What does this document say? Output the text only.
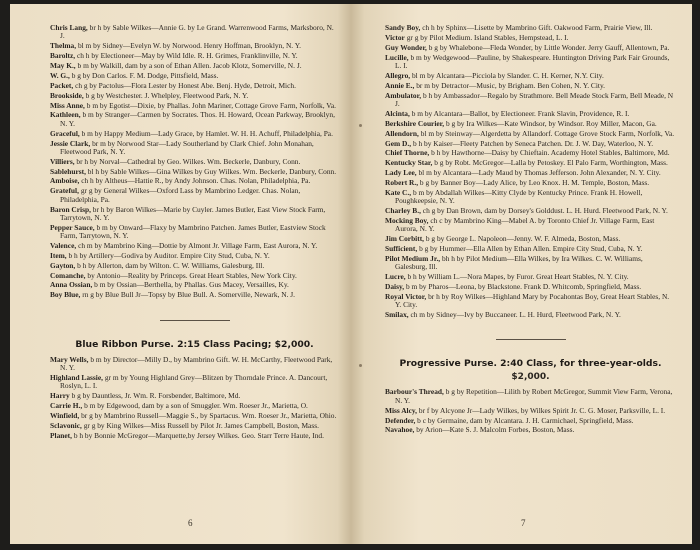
Chris Lang, br h by Sable Wilkes—Annie G. by Le Grand. Warrenwood Farms, Marksboro, N. J.
Thelma, bl m by Sidney—Evelyn W. by Norwood. Henry Hoffman, Brooklyn, N. Y.
Baroltz, ch h by Electioneer—May by Wild Idle. R. H. Grimes, Franklinville, N. Y.
May K., b m by Walkill, dam by a son of Ethan Allen. Jacob Klotz, Somerville, N. J.
W. G., b g by Don Carlos. F. M. Dodge, Pittsfield, Mass.
Packet, ch g by Pactolus—Flora Lester by Honest Abe. Benj. Hyde, Detroit, Mich.
Brookside, b g by Westchester. J. Whelpley, Fleetwood Park, N. Y.
Miss Anne, b m by Egotist—Dixie, by Phallas. John Mariner, Cottage Grove Farm, Norfolk, Va.
Kathleen, b m by Stranger—Carmen by Socrates. Thos. H. Howard, Ocean Parkway, Brooklyn, N. Y.
Graceful, b m by Happy Medium—Lady Grace, by Hamlet. W. H. H. Achuff, Philadelphia, Pa.
Jessie Clark, br m by Norwood Star—Lady Southerland by Clark Chief. John Monahan, Fleetwood Park, N. Y.
Villiers, br h by Norval—Cathedral by Geo. Wilkes. Wm. Beckerle, Danbury, Conn.
Sablehurst, bl h by Sable Wilkes—Gina Wilkes by Guy Wilkes. Wm. Beckerle, Danbury, Conn.
Amboise, ch h by Altheus—Hattie R., by Andy Johnson. Chas. Nolan, Philadelphia, Pa.
Grateful, gr g by General Wilkes—Oxford Lass by Mambrino Ledger. Chas. Nolan, Philadelphia, Pa.
Baron Crisp, br h by Baron Wilkes—Marie by Cuyler. James Butler, East View Stock Farm, Tarrytown, N. Y.
Pepper Sauce, b m by Onward—Flaxy by Mambrino Patchen. James Butler, Eastview Stock Farm, Tarrytown, N. Y.
Valence, ch m by Mambrino King—Dottie by Almont Jr. Village Farm, East Aurora, N. Y.
Item, b h by Artillery—Godiva by Auditor. Empire City Stud, Cuba, N. Y.
Gayton, b h by Allerton, dam by Wilton. C. W. Williams, Galesburg, Ill.
Comanche, by Antonio—Reality by Princeps. Great Heart Stables, New York City.
Anna Ossian, b m by Ossian—Berthella, by Phallas. Gus Macey, Versailles, Ky.
Boy Blue, rn g by Blue Bull Jr—Topsy by Blue Bull. A. Somerville, Newark, N. J.
Blue Ribbon Purse. 2:15 Class Pacing; $2,000.
Mary Wells, b m by Director—Milly D., by Mambrino Gift. W. H. McCarthy, Fleetwood Park, N. Y.
Highland Lassie, gr m by Young Highland Grey—Blitzen by Thorndale Prince. A. Dancourt, Roslyn, L. I.
Harry b g by Dauntless, Jr. Wm. R. Forsbender, Baltimore, Md.
Carrie H., b m by Edgewood, dam by a son of Smuggler. Wm. Roeser Jr., Marietta, O.
Winfield, br g by Mambrino Russell—Maggie S., by Spartacus. Wm. Roeser Jr., Marietta, Ohio.
Sclavonic, gr g by King Wilkes—Miss Russell by Pilot Jr. James Campbell, Boston, Mass.
Planet, b h by Bonnie McGregor—Marquette,by Jersey Wilkes. Geo. Starr Terre Haute, Ind.
6
Sandy Boy, ch h by Sphinx—Lisette by Mambrino Gift. Oakwood Farm, Prairie View, Ill.
Victor gr g by Pilot Medium. Island Stables, Hempstead, L. I.
Guy Wonder, b g by Whalebone—Fleda Wonder, by Little Wonder. Jerry Gauff, Allentown, Pa.
Lucille, b m by Wedgewood—Pauline, by Shakespeare. Huntington Driving Park Fair Grounds, L. I.
Allegro, bl m by Alcantara—Picciola by Slander. C. H. Kerner, N.Y. City.
Annie E., br m by Detractor—Music, by Brigham. Ben Cohen, N. Y. City.
Ambulator, b h by Ambassador—Regalo by Strathmore. Bell Meade Stock Farm, Bell Meade, N J.
Alcinta, b m by Alcantara—Ballot, by Electioneer. Frank Slavin, Providence, R. I.
Berkshire Courier, b g by Ira Wilkes—Kate Windsor, by Windsor. Roy Miller, Macon, Ga.
Allendorn, bl m by Steinway—Algerdetta by Allandorf. Cottage Grove Stock Farm, Norfolk, Va.
Gem D., b h by Kaiser—Fleety Patchen by Seneca Patchen. Dr. J. W. Day, Waterloo, N. Y.
Chief Thorne, b h by Hawthorne—Daisy by Chieftain. Academy Hotel Stables, Baltimore, Md.
Kentucky Star, b g by Robt. McGregor—Lalla by Petoskey. El Palo Farm, Worthington, Mass.
Lady Lee, bl m by Alcantara—Lady Maud by Thomas Jefferson. John Alexander, N. Y. City.
Robert R., b g by Banner Boy—Lady Alice, by Leo Knox. H. M. Temple, Boston, Mass.
Kate C., b m by Abdallah Wilkes—Kitty Clyde by Kentucky Prince. Frank H. Howell, Poughkeepsie, N. Y.
Charley B., ch g by Dan Brown, dam by Dorsey's Golddust. L. H. Hurd. Fleetwood Park, N. Y.
Mocking Boy, ch c by Mambrino King—Mabel A. by Toronto Chief Jr. Village Farm, East Aurora, N. Y.
Jim Corbitt, b g by George L. Napoleon—Jenny. W. F. Almeda, Boston, Mass.
Sufficient, b g by Hummer—Ella Allen by Ethan Allen. Empire City Stud, Cuba, N. Y.
Pilot Medium Jr., bh h by Pilot Medium—Ella Wilkes, by Ira Wilkes. C. W. Williams, Galesburg, Ill.
Lucre, b h by William L.—Nora Mapes, by Furor. Great Heart Stables, N. Y. City.
Daisy, b m by Pharos—Leona, by Blackstone. Frank D. Whitcomb, Springfield, Mass.
Royal Victor, br h by Roy Wilkes—Highland Mary by Pocahontas Boy, Great Heart Stables, N. Y. City.
Smilax, ch m by Sidney—Ivy by Buccaneer. L. H. Hurd, Fleetwood Park, N. Y.
Progressive Purse. 2:40 Class, for three-year-olds.
$2,000.
Barbour's Thread, b g by Repetition—Lilith by Robert McGregor, Summit View Farm, Verona, N. Y.
Miss Alcy, br f by Alcyone Jr—Lady Wilkes, by Wilkes Spirit Jr. C. G. Moser, Parksville, L. I.
Defender, b c by Germaine, dam by Alcantara. J. H. Carmichael, Springfield, Mass.
Navahoe, by Arion—Kate S. J. Malcolm Forbes, Boston, Mass.
7
